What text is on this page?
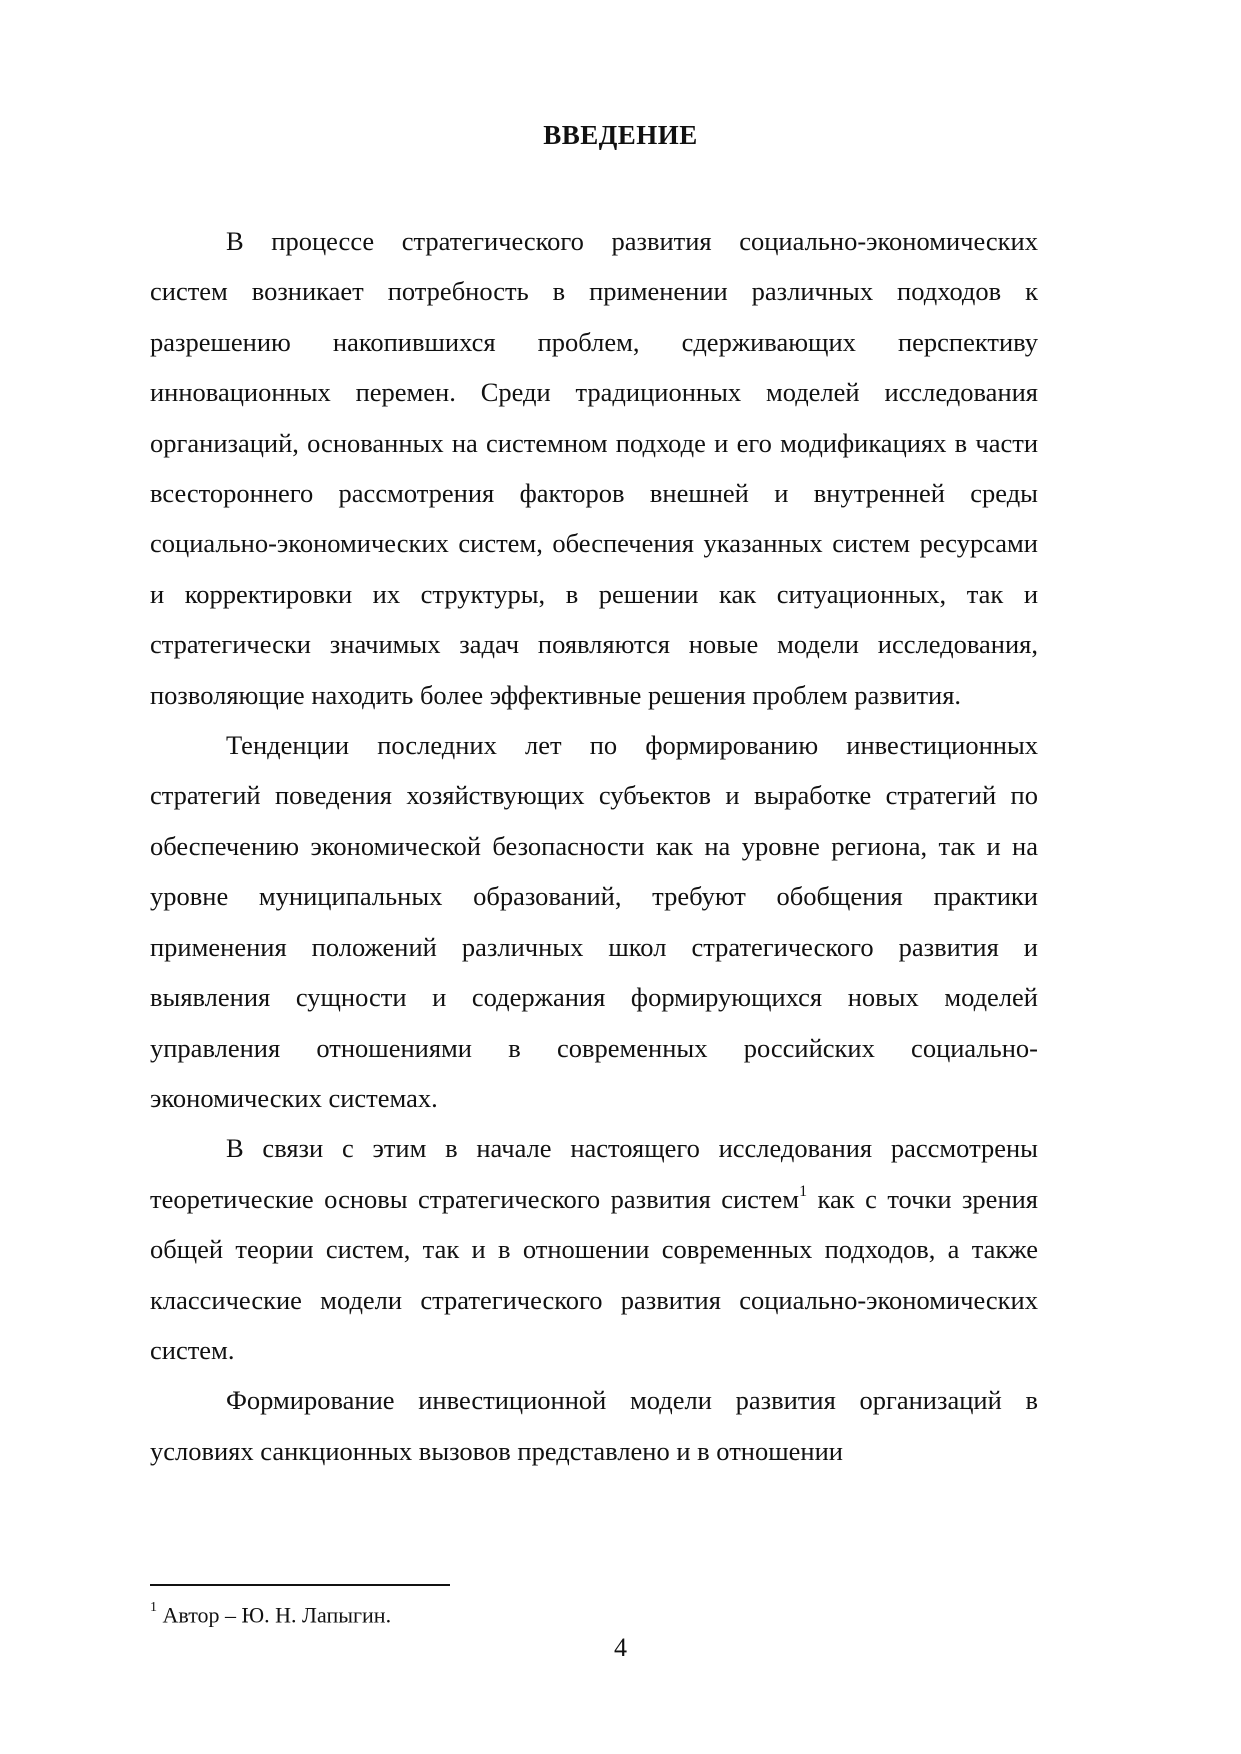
ВВЕДЕНИЕ

В процессе стратегического развития социально-экономических систем возникает потребность в применении различных подходов к разрешению накопившихся проблем, сдерживающих перспективу инновационных перемен. Среди традиционных моделей исследования организаций, основанных на системном подходе и его модификациях в части всестороннего рассмотрения факторов внешней и внутренней среды социально-экономических систем, обеспечения указанных систем ресурсами и корректировки их структуры, в решении как ситуационных, так и стратегически значимых задач появляются новые модели исследования, позволяющие находить более эффективные решения проблем развития.

Тенденции последних лет по формированию инвестиционных стратегий поведения хозяйствующих субъектов и выработке стратегий по обеспечению экономической безопасности как на уровне региона, так и на уровне муниципальных образований, требуют обобщения практики применения положений различных школ стратегического развития и выявления сущности и содержания формирующихся новых моделей управления отношениями в современных российских социально-экономических системах.

В связи с этим в начале настоящего исследования рассмотрены теоретические основы стратегического развития систем$^1$ как с точки зрения общей теории систем, так и в отношении современных подходов, а также классические модели стратегического развития социально-экономических систем.

Формирование инвестиционной модели развития организаций в условиях санкционных вызовов представлено и в отношении

$^1$ Автор – Ю. Н. Лапыгин.
4
